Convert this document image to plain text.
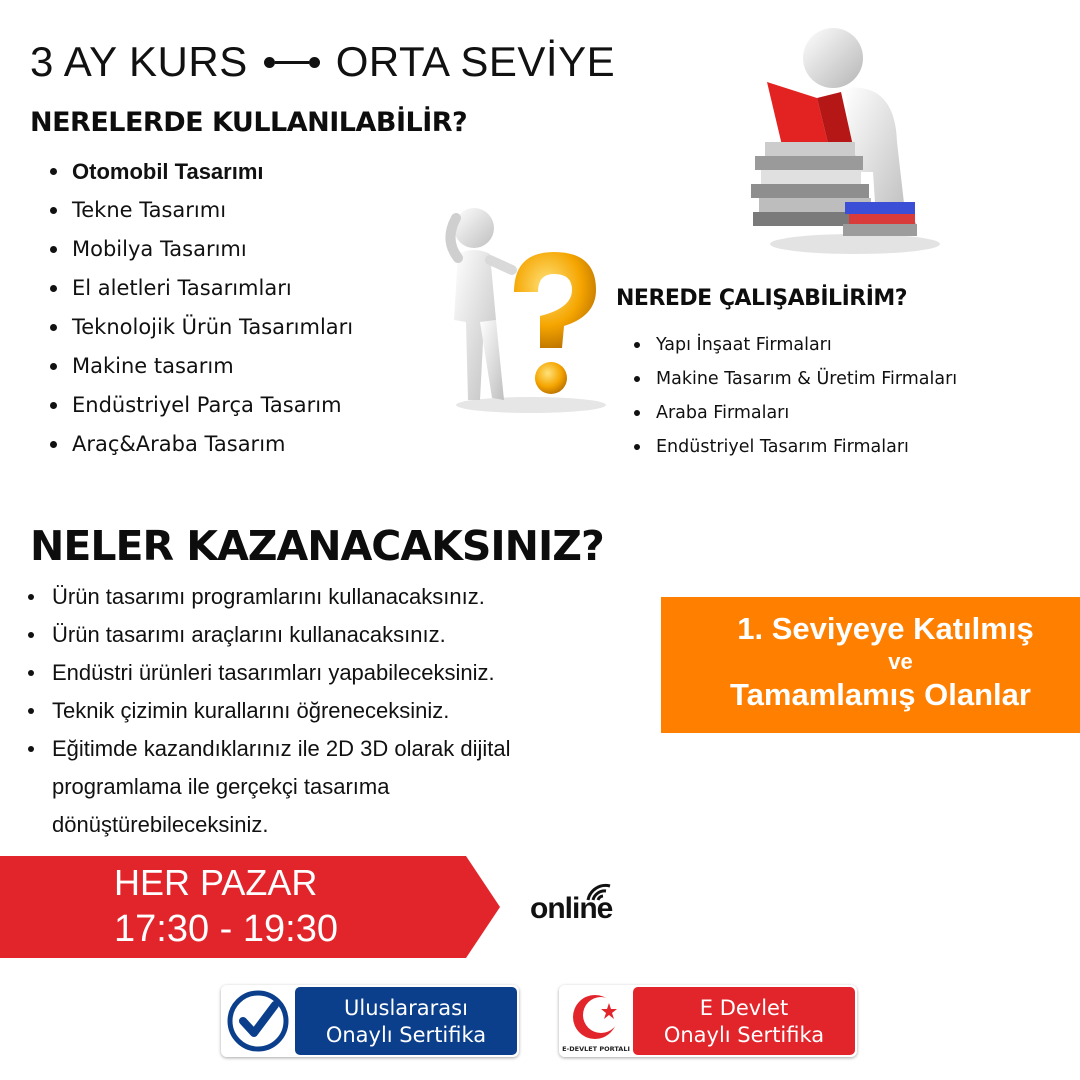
3 AY KURS ORTA SEVİYE
NERELERDE KULLANILABİLİR?
Otomobil Tasarımı
Tekne Tasarımı
Mobilya Tasarımı
El aletleri Tasarımları
Teknolojik Ürün Tasarımları
Makine tasarım
Endüstriyel Parça Tasarım
Araç&Araba Tasarım
NEREDE ÇALIŞABİLİRİM?
Yapı İnşaat Firmaları
Makine Tasarım & Üretim Firmaları
Araba Firmaları
Endüstriyel Tasarım Firmaları
NELER KAZANACAKSINIZ?
Ürün tasarımı programlarını kullanacaksınız.
Ürün tasarımı araçlarını kullanacaksınız.
Endüstri ürünleri tasarımları yapabileceksiniz.
Teknik çizimin kurallarını öğreneceksiniz.
Eğitimde kazandıklarınız ile 2D 3D olarak dijital programlama ile gerçekçi tasarıma dönüştürebileceksiniz.
1. Seviyeye Katılmış
ve
Tamamlamış Olanlar
HER PAZAR
17:30 - 19:30	online
Uluslararası
Onaylı Sertifika
E-DEVLET PORTALI
E Devlet
Onaylı Sertifika
